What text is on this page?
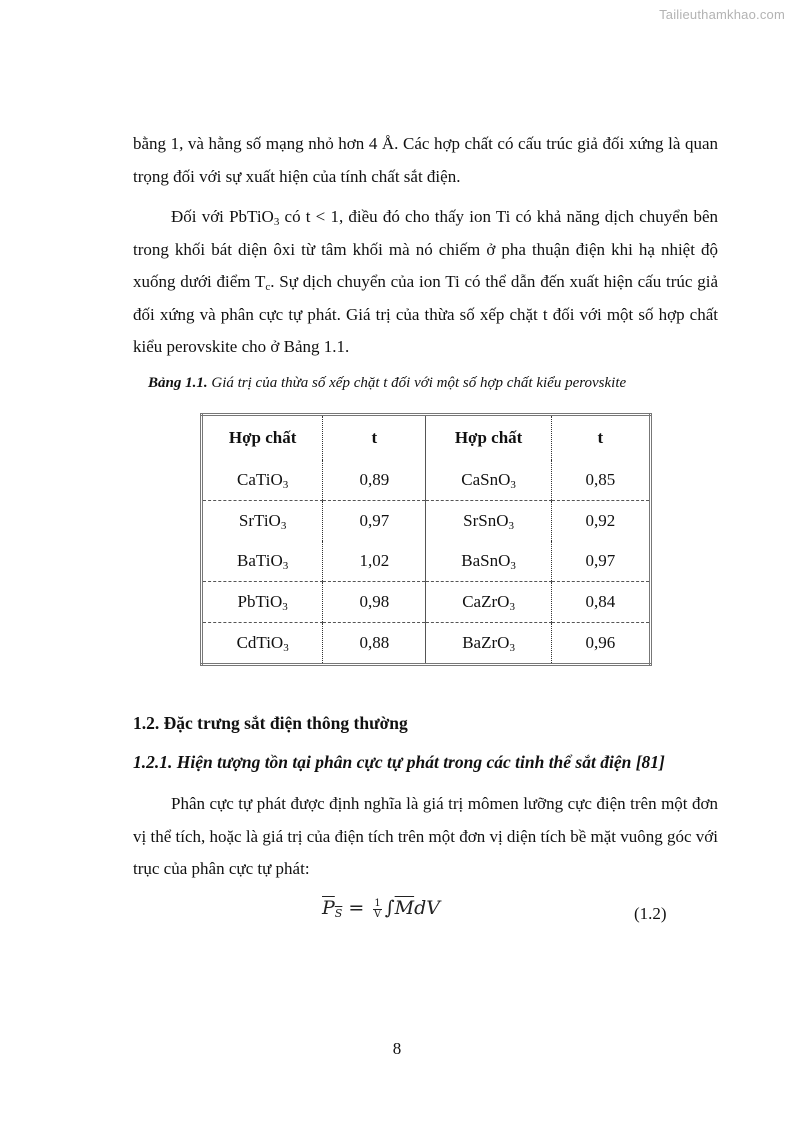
Tailieuthamkhao.com

bằng 1, và hằng số mạng nhỏ hơn 4 Å. Các hợp chất có cấu trúc giả đối xứng là quan trọng đối với sự xuất hiện của tính chất sắt điện.

Đối với PbTiO$_3$ có t < 1, điều đó cho thấy ion Ti có khả năng dịch chuyển bên trong khối bát diện ôxi từ tâm khối mà nó chiếm ở pha thuận điện khi hạ nhiệt độ xuống dưới điểm $T_c$. Sự dịch chuyển của ion Ti có thể dẫn đến xuất hiện cấu trúc giả đối xứng và phân cực tự phát. Giá trị của thừa số xếp chặt t đối với một số hợp chất kiểu perovskite cho ở Bảng 1.1.

Bảng 1.1. Giá trị của thừa số xếp chặt t đối với một số hợp chất kiểu perovskite

Hợp chất	t	Hợp chất	t
CaTiO$_3$	0,89	CaSnO$_3$	0,85
SrTiO$_3$	0,97	SrSnO$_3$	0,92
BaTiO$_3$	1,02	BaSnO$_3$	0,97
PbTiO$_3$	0,98	CaZrO$_3$	0,84
CdTiO$_3$	0,88	BaZrO$_3$	0,96

1.2. Đặc trưng sắt điện thông thường

1.2.1. Hiện tượng tồn tại phân cực tự phát trong các tinh thể sắt điện [81]

Phân cực tự phát được định nghĩa là giá trị mômen lưỡng cực điện trên một đơn vị thể tích, hoặc là giá trị của điện tích trên một đơn vị diện tích bề mặt vuông góc với trục của phân cực tự phát:

$P_S = \frac{1}{V} \int\overline{M}dV$	(1.2)
8
